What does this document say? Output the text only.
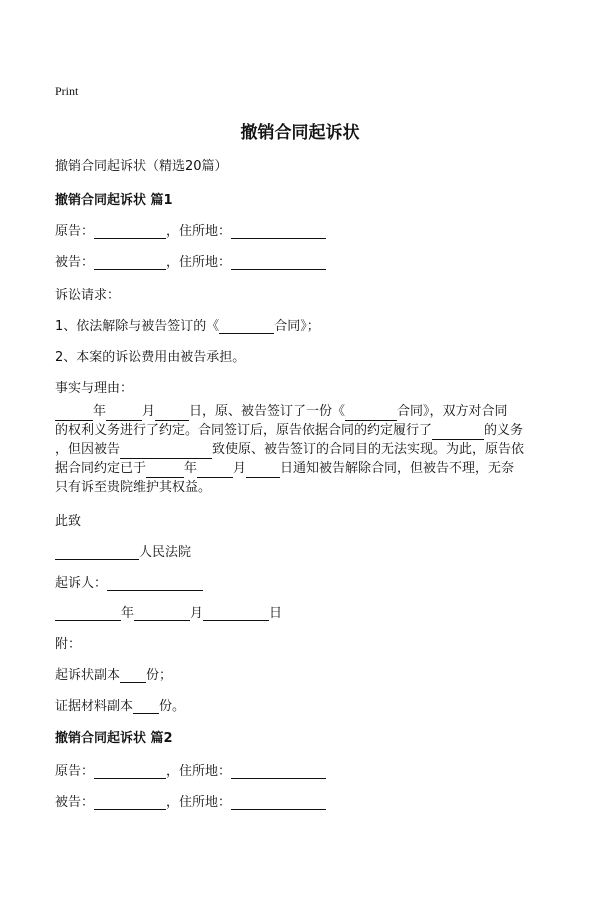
Print
撤销合同起诉状
撤销合同起诉状（精选20篇）
撤销合同起诉状 篇1
原告：	，住所地：
被告：	，住所地：
诉讼请求：
1、依法解除与被告签订的《	合同》；
2、本案的诉讼费用由被告承担。
事实与理由：
年	月	日，原、被告签订了一份《	合同》，双方对合同
的权利义务进行了约定。合同签订后，原告依据合同的约定履行了	的义务
，但因被告	致使原、被告签订的合同目的无法实现。为此，原告依
据合同约定已于	年	月	日通知被告解除合同，但被告不理，无奈
只有诉至贵院维护其权益。
此致
人民法院
起诉人：
年	月	日
附：
起诉状副本 份；
证据材料副本 份。
撤销合同起诉状 篇2
原告：	，住所地：
被告：	，住所地：
